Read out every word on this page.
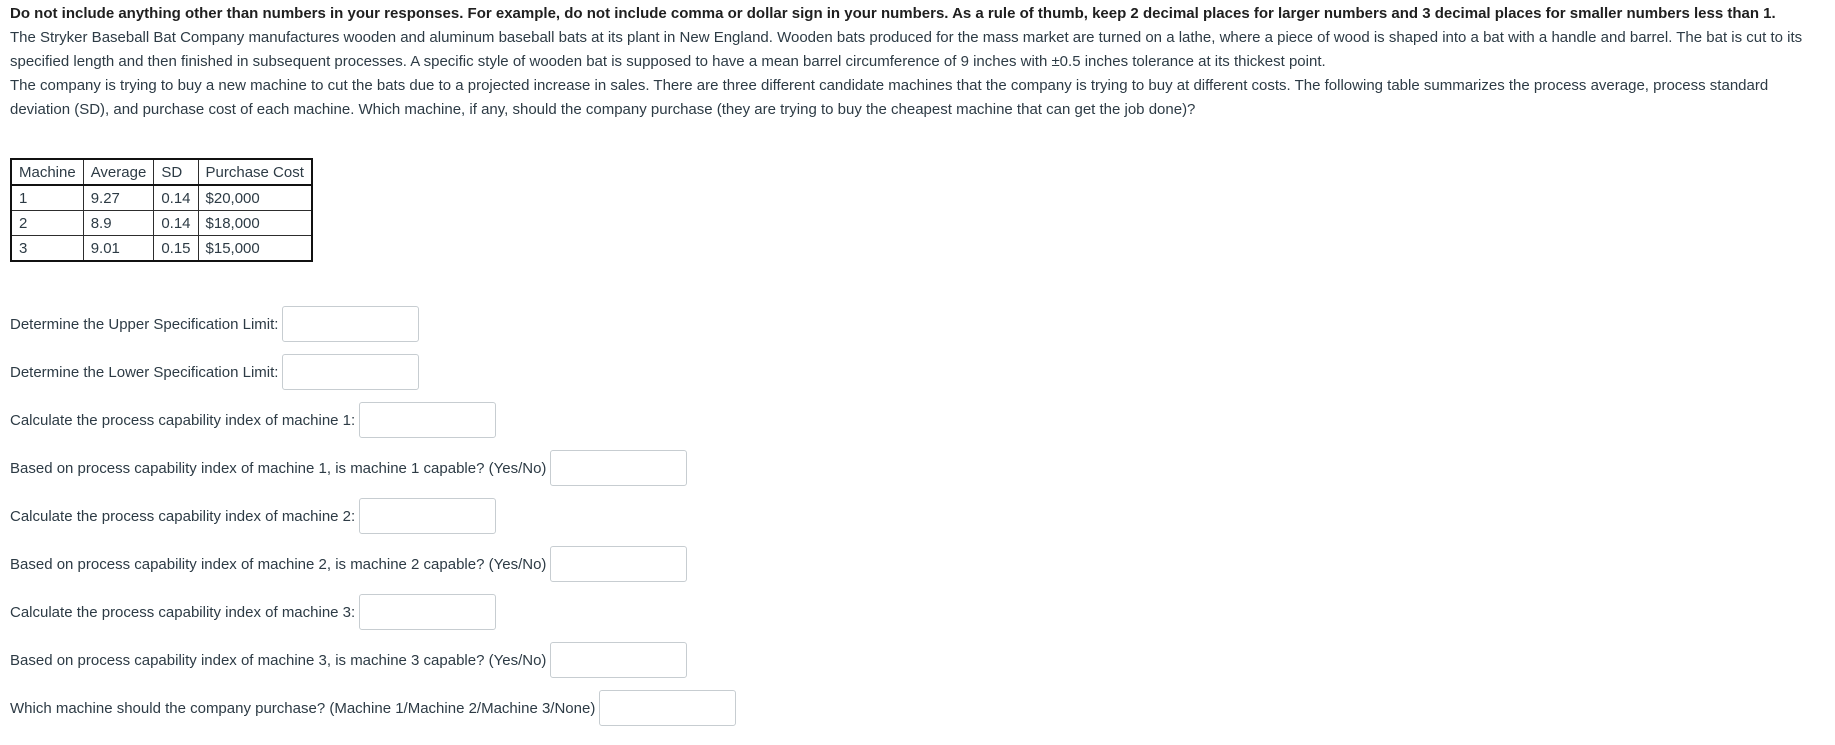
Do not include anything other than numbers in your responses. For example, do not include comma or dollar sign in your numbers. As a rule of thumb, keep 2 decimal places for larger numbers and 3 decimal places for smaller numbers less than 1.

The Stryker Baseball Bat Company manufactures wooden and aluminum baseball bats at its plant in New England. Wooden bats produced for the mass market are turned on a lathe, where a piece of wood is shaped into a bat with a handle and barrel. The bat is cut to its specified length and then finished in subsequent processes. A specific style of wooden bat is supposed to have a mean barrel circumference of 9 inches with ±0.5 inches tolerance at its thickest point.

The company is trying to buy a new machine to cut the bats due to a projected increase in sales. There are three different candidate machines that the company is trying to buy at different costs. The following table summarizes the process average, process standard deviation (SD), and purchase cost of each machine. Which machine, if any, should the company purchase (they are trying to buy the cheapest machine that can get the job done)?

Machine	Average	SD	Purchase Cost
1	9.27	0.14	$20,000
2	8.9	0.14	$18,000
3	9.01	0.15	$15,000
Determine the Upper Specification Limit:
Determine the Lower Specification Limit:
Calculate the process capability index of machine 1:
Based on process capability index of machine 1, is machine 1 capable? (Yes/No)
Calculate the process capability index of machine 2:
Based on process capability index of machine 2, is machine 2 capable? (Yes/No)
Calculate the process capability index of machine 3:
Based on process capability index of machine 3, is machine 3 capable? (Yes/No)
Which machine should the company purchase? (Machine 1/Machine 2/Machine 3/None)
